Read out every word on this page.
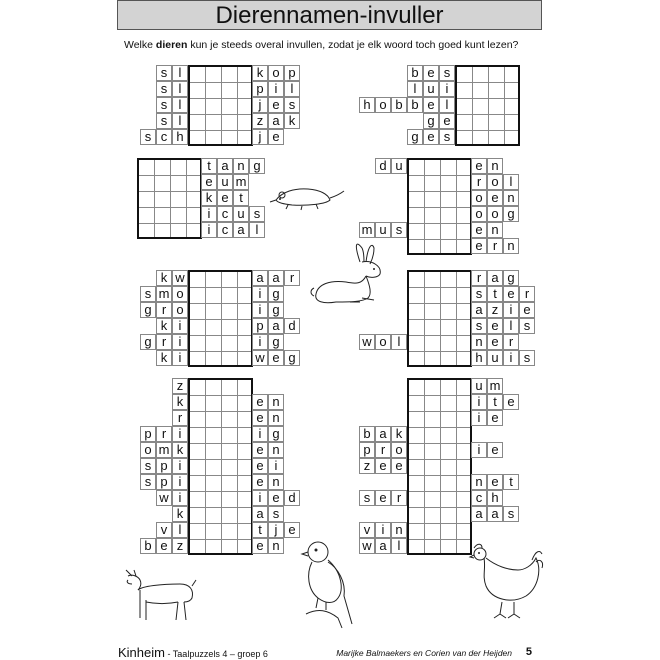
Dierennamen-invuller
Welke dieren kun je steeds overal invullen, zodat je elk woord toch goed kunt lezen?
s l	k o p
s l	p i	l
s l	j e s
s l	z a k
s c h	j e
b e s
l u i
h o b b e l
g e
g e s
t a n g
e u m
k e t
i c u s
i c a l
d u	e n
r o l
o e n
o o g
m u s	e n
e r n
k w	a a r
s m o	i g
g r o	i g
k i	p a d
g r i	i g
k i	w e g
r a g
s t e r
a z i e
s e l s
w o l	n e r
h u i s
z
k	e n
r	e n
p r i	i g
o m k	e n
s p i	e i
s p i	e n
w i	i e d
k	a s
v l	t j e
b e z	e n
u m
i t e
i e
b a k
p r o	i e
z e e
n e t
s e r	c h
a a s
v i n
w a l
Kinheim - Taalpuzzels 4 – groep 6	Marijke Balmaekers en Corien van der Heijden 5
